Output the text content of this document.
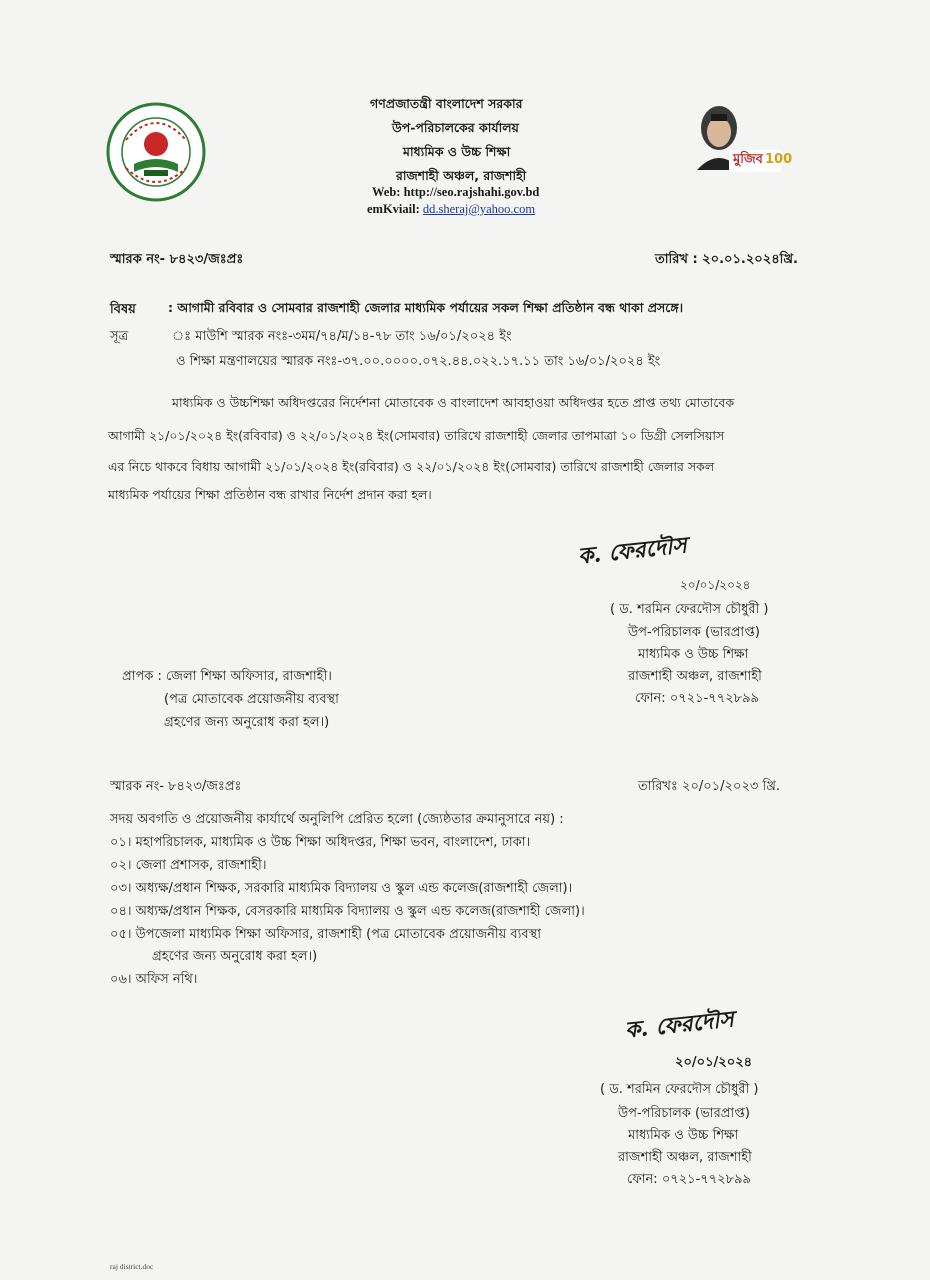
মুজিব 100
গণপ্রজাতন্ত্রী বাংলাদেশ সরকার
উপ-পরিচালকের কার্যালয়
মাধ্যমিক ও উচ্চ শিক্ষা
রাজশাহী অঞ্চল, রাজশাহী
Web: http://seo.rajshahi.gov.bd
emKviail: dd.sheraj@yahoo.com
স্মারক নং- ৮৪২৩/জঃপ্রঃ	তারিখ : ২০.০১.২০২৪খ্রি.
বিষয়	: আগামী রবিবার ও সোমবার রাজশাহী জেলার মাধ্যমিক পর্যায়ের সকল শিক্ষা প্রতিষ্ঠান বন্ধ থাকা প্রসঙ্গে।
সূত্র	ঃ মাউশি স্মারক নংঃ-৩মম/৭৪/ম/১৪-৭৮ তাং ১৬/০১/২০২৪ ইং
ও শিক্ষা মন্ত্রণালয়ের স্মারক নংঃ-৩৭.০০.০০০০.০৭২.৪৪.০২২.১৭.১১ তাং ১৬/০১/২০২৪ ইং
মাধ্যমিক ও উচ্চশিক্ষা অধিদপ্তরের নির্দেশনা মোতাবেক ও বাংলাদেশ আবহাওয়া অধিদপ্তর হতে প্রাপ্ত তথ্য মোতাবেক
আগামী ২১/০১/২০২৪ ইং(রবিবার) ও ২২/০১/২০২৪ ইং(সোমবার) তারিখে রাজশাহী জেলার তাপমাত্রা ১০ ডিগ্রী সেলসিয়াস
এর নিচে থাকবে বিধায় আগামী ২১/০১/২০২৪ ইং(রবিবার) ও ২২/০১/২০২৪ ইং(সোমবার) তারিখে রাজশাহী জেলার সকল
মাধ্যমিক পর্যায়ের শিক্ষা প্রতিষ্ঠান বন্ধ রাখার নির্দেশ প্রদান করা হল।
ক. ফেরদৌস
২০/০১/২০২৪
( ড. শরমিন ফেরদৌস চৌধুরী )
উপ-পরিচালক (ভারপ্রাপ্ত)
মাধ্যমিক ও উচ্চ শিক্ষা
রাজশাহী অঞ্চল, রাজশাহী
ফোন: ০৭২১-৭৭২৮৯৯
প্রাপক : জেলা শিক্ষা অফিসার, রাজশাহী।
(পত্র মোতাবেক প্রয়োজনীয় ব্যবস্থা
গ্রহণের জন্য অনুরোধ করা হল।)
স্মারক নং- ৮৪২৩/জঃপ্রঃ	তারিখঃ ২০/০১/২০২৩ খ্রি.
সদয় অবগতি ও প্রয়োজনীয় কার্যার্থে অনুলিপি প্রেরিত হলো (জ্যেষ্ঠতার ক্রমানুসারে নয়) :
০১। মহাপরিচালক, মাধ্যমিক ও উচ্চ শিক্ষা অধিদপ্তর, শিক্ষা ভবন, বাংলাদেশ, ঢাকা।
০২। জেলা প্রশাসক, রাজশাহী।
০৩। অধ্যক্ষ/প্রধান শিক্ষক, সরকারি মাধ্যমিক বিদ্যালয় ও স্কুল এন্ড কলেজ(রাজশাহী জেলা)।
০৪। অধ্যক্ষ/প্রধান শিক্ষক, বেসরকারি মাধ্যমিক বিদ্যালয় ও স্কুল এন্ড কলেজ(রাজশাহী জেলা)।
০৫। উপজেলা মাধ্যমিক শিক্ষা অফিসার, রাজশাহী (পত্র মোতাবেক প্রয়োজনীয় ব্যবস্থা
গ্রহণের জন্য অনুরোধ করা হল।)
০৬। অফিস নথি।
ক. ফেরদৌস
২০/০১/২০২৪
( ড. শরমিন ফেরদৌস চৌধুরী )
উপ-পরিচালক (ভারপ্রাপ্ত)
মাধ্যমিক ও উচ্চ শিক্ষা
রাজশাহী অঞ্চল, রাজশাহী
ফোন: ০৭২১-৭৭২৮৯৯
raj district.doc
